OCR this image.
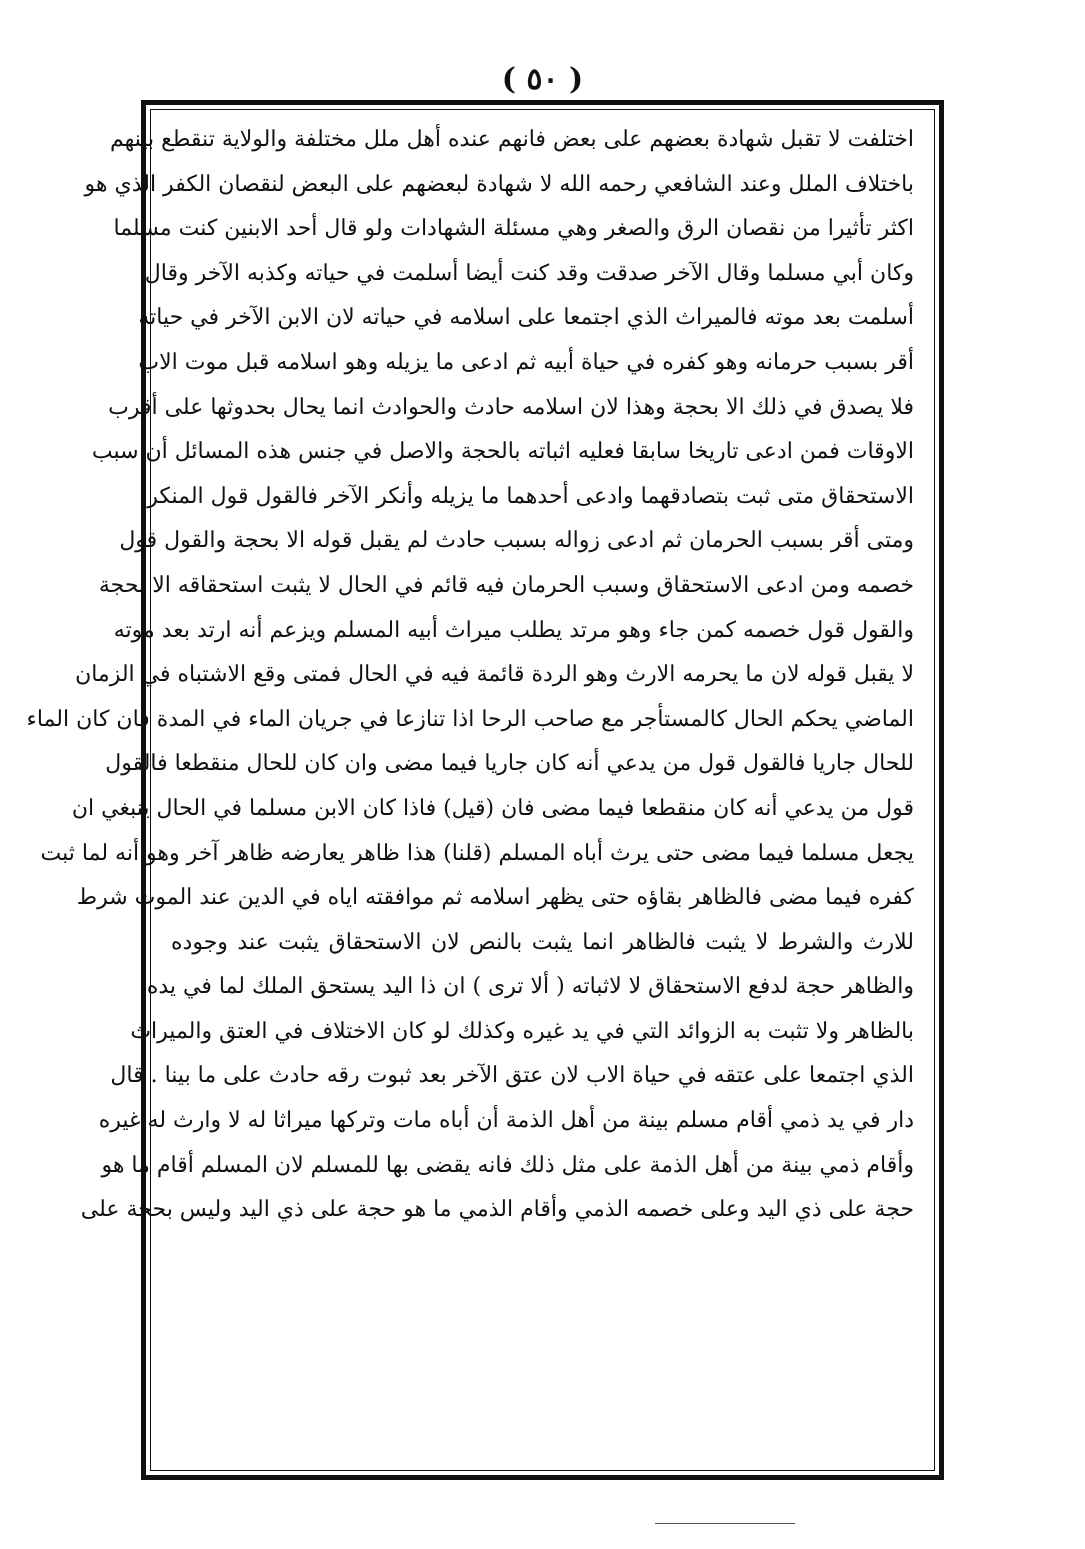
( ٥٠ )
اختلفت لا تقبل شهادة بعضهم على بعض فانهم عنده أهل ملل مختلفة والولاية تنقطع بينهم
باختلاف الملل وعند الشافعي رحمه الله لا شهادة لبعضهم على البعض لنقصان الكفر الذي هو
اكثر تأثيرا من نقصان الرق والصغر وهي مسئلة الشهادات ولو قال أحد الابنين كنت مسلما
وكان أبي مسلما وقال الآخر صدقت وقد كنت أيضا أسلمت في حياته وكذبه الآخر وقال
أسلمت بعد موته فالميراث الذي اجتمعا على اسلامه في حياته لان الابن الآخر في حياته
أقر بسبب حرمانه وهو كفره في حياة أبيه ثم ادعى ما يزيله وهو اسلامه قبل موت الاب
فلا يصدق في ذلك الا بحجة وهذا لان اسلامه حادث والحوادث انما يحال بحدوثها على أقرب
الاوقات فمن ادعى تاريخا سابقا فعليه اثباته بالحجة والاصل في جنس هذه المسائل أن سبب
الاستحقاق متى ثبت بتصادقهما وادعى أحدهما ما يزيله وأنكر الآخر فالقول قول المنكر
ومتى أقر بسبب الحرمان ثم ادعى زواله بسبب حادث لم يقبل قوله الا بحجة والقول قول
خصمه ومن ادعى الاستحقاق وسبب الحرمان فيه قائم في الحال لا يثبت استحقاقه الا بحجة
والقول قول خصمه كمن جاء وهو مرتد يطلب ميراث أبيه المسلم ويزعم أنه ارتد بعد موته
لا يقبل قوله لان ما يحرمه الارث وهو الردة قائمة فيه في الحال فمتى وقع الاشتباه في الزمان
الماضي يحكم الحال كالمستأجر مع صاحب الرحا اذا تنازعا في جريان الماء في المدة فان كان الماء
للحال جاريا فالقول قول من يدعي أنه كان جاريا فيما مضى وان كان للحال منقطعا فالقول
قول من يدعي أنه كان منقطعا فيما مضى فان (قيل) فاذا كان الابن مسلما في الحال ينبغي ان
يجعل مسلما فيما مضى حتى يرث أباه المسلم (قلنا) هذا ظاهر يعارضه ظاهر آخر وهو أنه لما ثبت
كفره فيما مضى فالظاهر بقاؤه حتى يظهر اسلامه ثم موافقته اياه في الدين عند الموت شرط
للارث والشرط لا يثبت فالظاهر انما يثبت بالنص لان الاستحقاق يثبت عند وجوده
والظاهر حجة لدفع الاستحقاق لا لاثباته ( ألا ترى ) ان ذا اليد يستحق الملك لما في يده
بالظاهر ولا تثبت به الزوائد التي في يد غيره وكذلك لو كان الاختلاف في العتق والميراث
الذي اجتمعا على عتقه في حياة الاب لان عتق الآخر بعد ثبوت رقه حادث على ما بينا . قال
دار في يد ذمي أقام مسلم بينة من أهل الذمة أن أباه مات وتركها ميراثا له لا وارث له غيره
وأقام ذمي بينة من أهل الذمة على مثل ذلك فانه يقضى بها للمسلم لان المسلم أقام ما هو
حجة على ذي اليد وعلى خصمه الذمي وأقام الذمي ما هو حجة على ذي اليد وليس بحجة على
